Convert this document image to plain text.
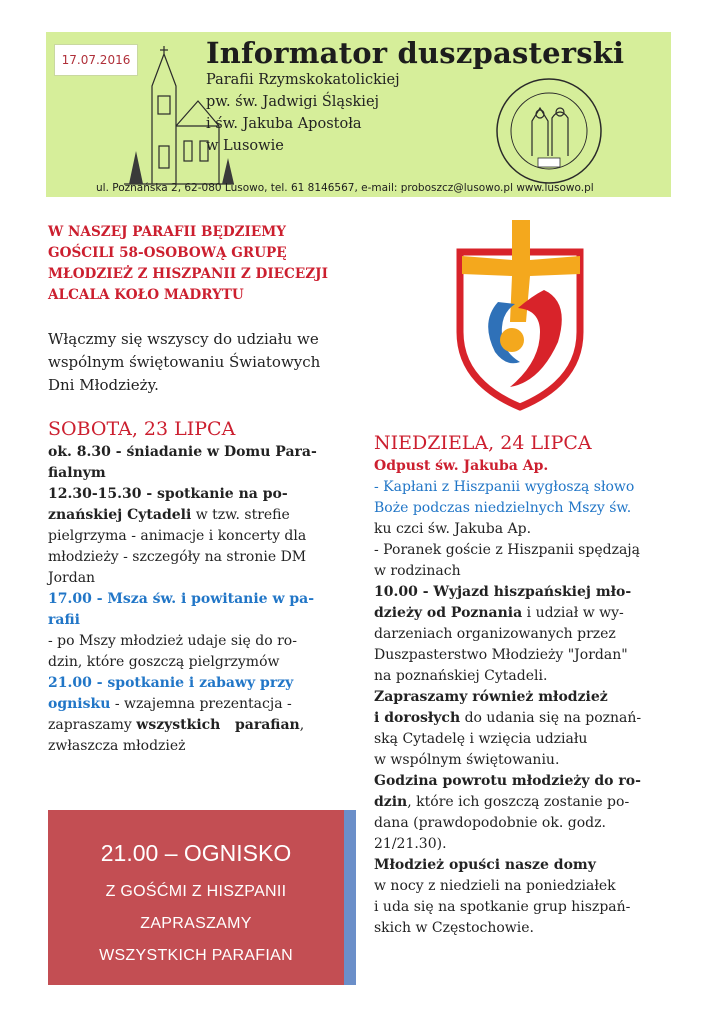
17.07.2016	Informator duszpasterski
Parafii Rzymskokatolickiej
pw. św. Jadwigi Śląskiej
i św. Jakuba Apostoła
w Lusowie
ul. Poznańska 2, 62-080 Lusowo, tel. 61 8146567, e-mail: proboszcz@lusowo.pl www.lusowo.pl
W NASZEJ PARAFII BĘDZIEMY
GOŚCILI 58-OSOBOWĄ GRUPĘ
MŁODZIEŻ Z HISZPANII Z DIECEZJI
ALCALA KOŁO MADRYTU
Włączmy się wszyscy do udziału we
wspólnym świętowaniu Światowych
Dni Młodzieży.
SOBOTA, 23 LIPCA
ok. 8.30 - śniadanie w Domu Para-
fialnym
12.30-15.30 - spotkanie na po-
znańskiej Cytadeli w tzw. strefie
pielgrzyma - animacje i koncerty dla
młodzieży - szczegóły na stronie DM
Jordan
17.00 - Msza św. i powitanie w pa-
rafii
- po Mszy młodzież udaje się do ro-
dzin, które goszczą pielgrzymów
21.00 - spotkanie i zabawy przy
ognisku - wzajemna prezentacja -
zapraszamy wszystkich   parafian,
zwłaszcza młodzież
21.00 – OGNISKO
Z GOŚĆMI Z HISZPANII
ZAPRASZAMY
WSZYSTKICH PARAFIAN
NIEDZIELA, 24 LIPCA
Odpust św. Jakuba Ap.
- Kapłani z Hiszpanii wygłoszą słowo
Boże podczas niedzielnych Mszy św.
ku czci św. Jakuba Ap.
- Poranek goście z Hiszpanii spędzają
w rodzinach
10.00 - Wyjazd hiszpańskiej mło-
dzieży od Poznania i udział w wy-
darzeniach organizowanych przez
Duszpasterstwo Młodzieży "Jordan"
na poznańskiej Cytadeli.
Zapraszamy również młodzież
i dorosłych do udania się na poznań-
ską Cytadelę i wzięcia udziału
w wspólnym świętowaniu.
Godzina powrotu młodzieży do ro-
dzin, które ich goszczą zostanie po-
dana (prawdopodobnie ok. godz.
21/21.30).
Młodzież opuści nasze domy
w nocy z niedzieli na poniedziałek
i uda się na spotkanie grup hiszpań-
skich w Częstochowie.
